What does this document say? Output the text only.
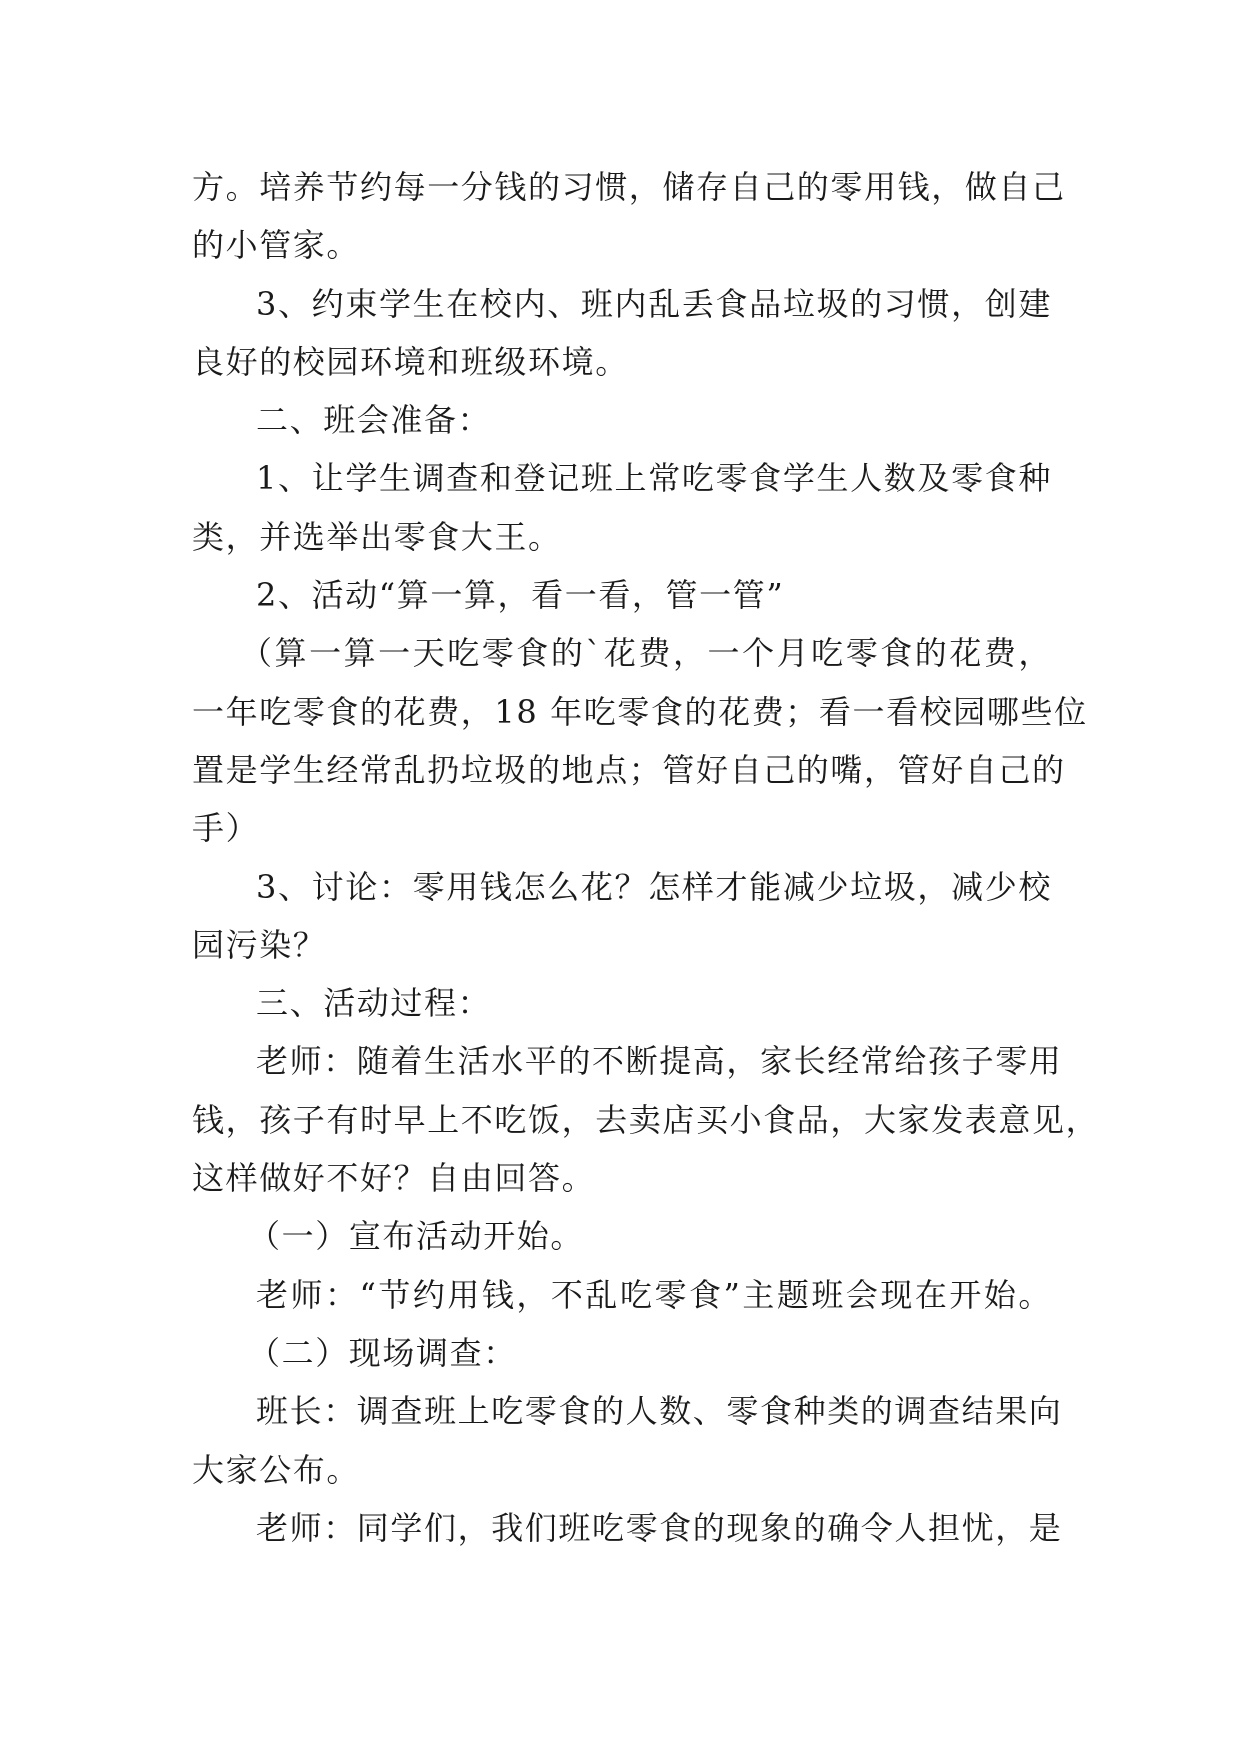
方。培养节约每一分钱的习惯，储存自己的零用钱，做自己
的小管家。
3、约束学生在校内、班内乱丢食品垃圾的习惯，创建
良好的校园环境和班级环境。
二、班会准备：
1、让学生调查和登记班上常吃零食学生人数及零食种
类，并选举出零食大王。
2、活动“算一算，看一看，管一管”
（算一算一天吃零食的`花费，一个月吃零食的花费，
一年吃零食的花费，18 年吃零食的花费；看一看校园哪些位
置是学生经常乱扔垃圾的地点；管好自己的嘴，管好自己的
手）
3、讨论：零用钱怎么花？怎样才能减少垃圾，减少校
园污染？
三、活动过程：
老师：随着生活水平的不断提高，家长经常给孩子零用
钱，孩子有时早上不吃饭，去卖店买小食品，大家发表意见，
这样做好不好？自由回答。
（一）宣布活动开始。
老师：“节约用钱，不乱吃零食”主题班会现在开始。
（二）现场调查：
班长：调查班上吃零食的人数、零食种类的调查结果向
大家公布。
老师：同学们，我们班吃零食的现象的确令人担忧，是
